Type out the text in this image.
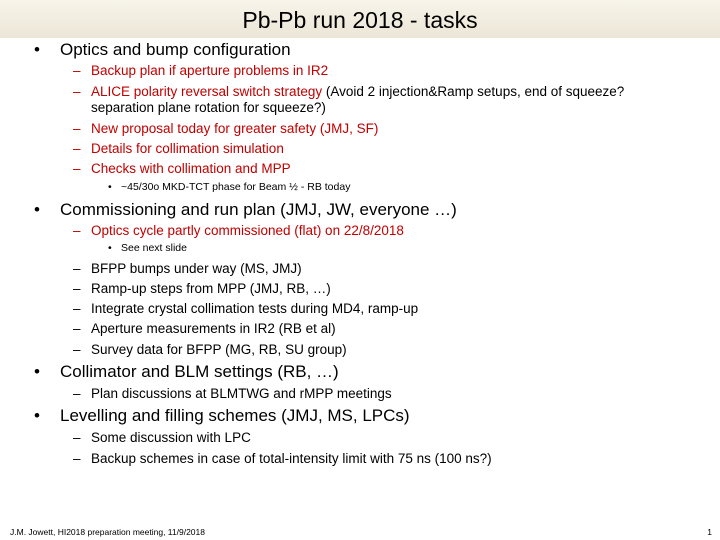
Pb-Pb run 2018 - tasks
• Optics and bump configuration
– Backup plan if aperture problems in IR2
– ALICE polarity reversal switch strategy (Avoid 2 injection&Ramp setups, end of squeeze? separation plane rotation for squeeze?)
– New proposal today for greater safety (JMJ, SF)
– Details for collimation simulation
– Checks with collimation and MPP
• ~45/30o MKD-TCT phase for Beam ½ - RB today
• Commissioning and run plan (JMJ, JW, everyone …)
– Optics cycle partly commissioned (flat) on 22/8/2018
• See next slide
– BFPP bumps under way (MS, JMJ)
– Ramp-up steps from MPP (JMJ, RB, …)
– Integrate crystal collimation tests during MD4, ramp-up
– Aperture measurements in IR2 (RB et al)
– Survey data for BFPP (MG, RB, SU group)
• Collimator and BLM settings (RB, …)
– Plan discussions at BLMTWG and rMPP meetings
• Levelling and filling schemes (JMJ, MS, LPCs)
– Some discussion with LPC
– Backup schemes in case of total-intensity limit with 75 ns (100 ns?)
J.M. Jowett, HI2018 preparation meeting, 11/9/2018	1
